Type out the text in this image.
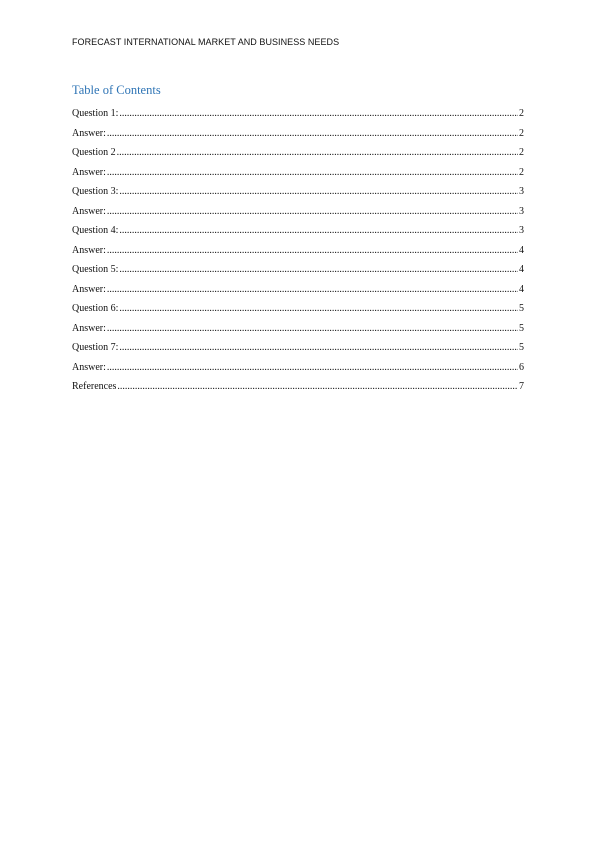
FORECAST INTERNATIONAL MARKET AND BUSINESS NEEDS
Table of Contents
Question 1: .....	2
Answer: .....	2
Question 2 .....	2
Answer: .....	2
Question 3: .....	3
Answer: .....	3
Question 4: .....	3
Answer: .....	4
Question 5: .....	4
Answer: .....	4
Question 6: .....	5
Answer: .....	5
Question 7: .....	5
Answer: .....	6
References .....	7
